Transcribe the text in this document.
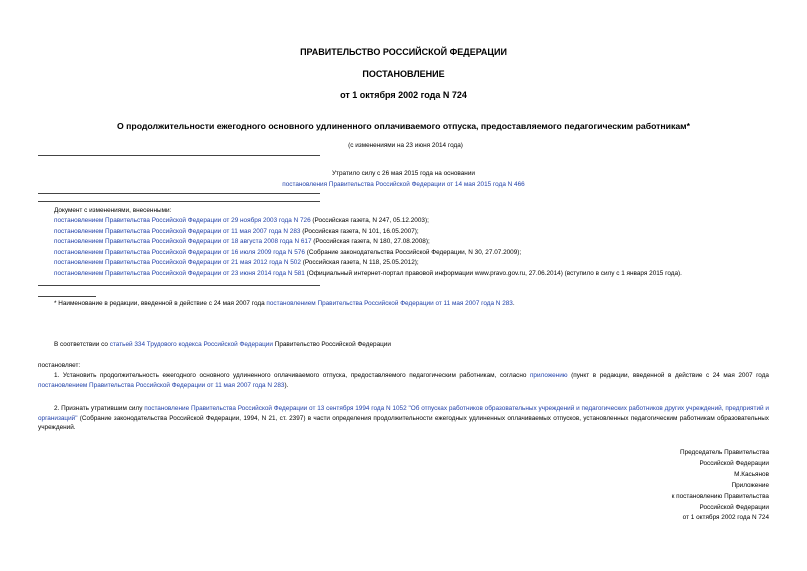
ПРАВИТЕЛЬСТВО РОССИЙСКОЙ ФЕДЕРАЦИИ
ПОСТАНОВЛЕНИЕ
от 1 октября 2002 года N 724
О продолжительности ежегодного основного удлиненного оплачиваемого отпуска, предоставляемого педагогическим работникам*
(с изменениями на 23 июня 2014 года)
Утратило силу с 26 мая 2015 года на основании
постановления Правительства Российской Федерации от 14 мая 2015 года N 466
Документ с изменениями, внесенными:
постановлением Правительства Российской Федерации от 29 ноября 2003 года N 726 (Российская газета, N 247, 05.12.2003);
постановлением Правительства Российской Федерации от 11 мая 2007 года N 283 (Российская газета, N 101, 16.05.2007);
постановлением Правительства Российской Федерации от 18 августа 2008 года N 617 (Российская газета, N 180, 27.08.2008);
постановлением Правительства Российской Федерации от 16 июля 2009 года N 576 (Собрание законодательства Российской Федерации, N 30, 27.07.2009);
постановлением Правительства Российской Федерации от 21 мая 2012 года N 502 (Российская газета, N 118, 25.05.2012);
постановлением Правительства Российской Федерации от 23 июня 2014 года N 581 (Официальный интернет-портал правовой информации www.pravo.gov.ru, 27.06.2014) (вступило в силу с 1 января 2015 года).
* Наименование в редакции, введенной в действие с 24 мая 2007 года постановлением Правительства Российской Федерации от 11 мая 2007 года N 283.
В соответствии со статьей 334 Трудового кодекса Российской Федерации Правительство Российской Федерации
постановляет:
1. Установить продолжительность ежегодного основного удлиненного оплачиваемого отпуска, предоставляемого педагогическим работникам, согласно приложению (пункт в редакции, введенной в действие с 24 мая 2007 года постановлением Правительства Российской Федерации от 11 мая 2007 года N 283).
2. Признать утратившим силу постановление Правительства Российской Федерации от 13 сентября 1994 года N 1052 "Об отпусках работников образовательных учреждений и педагогических работников других учреждений, предприятий и организаций" (Собрание законодательства Российской Федерации, 1994, N 21, ст. 2397) в части определения продолжительности ежегодных удлиненных оплачиваемых отпусков, установленных педагогическим работникам образовательных учреждений.
Председатель Правительства
Российской Федерации
М.Касьянов
Приложение
к постановлению Правительства
Российской Федерации
от 1 октября 2002 года N 724
